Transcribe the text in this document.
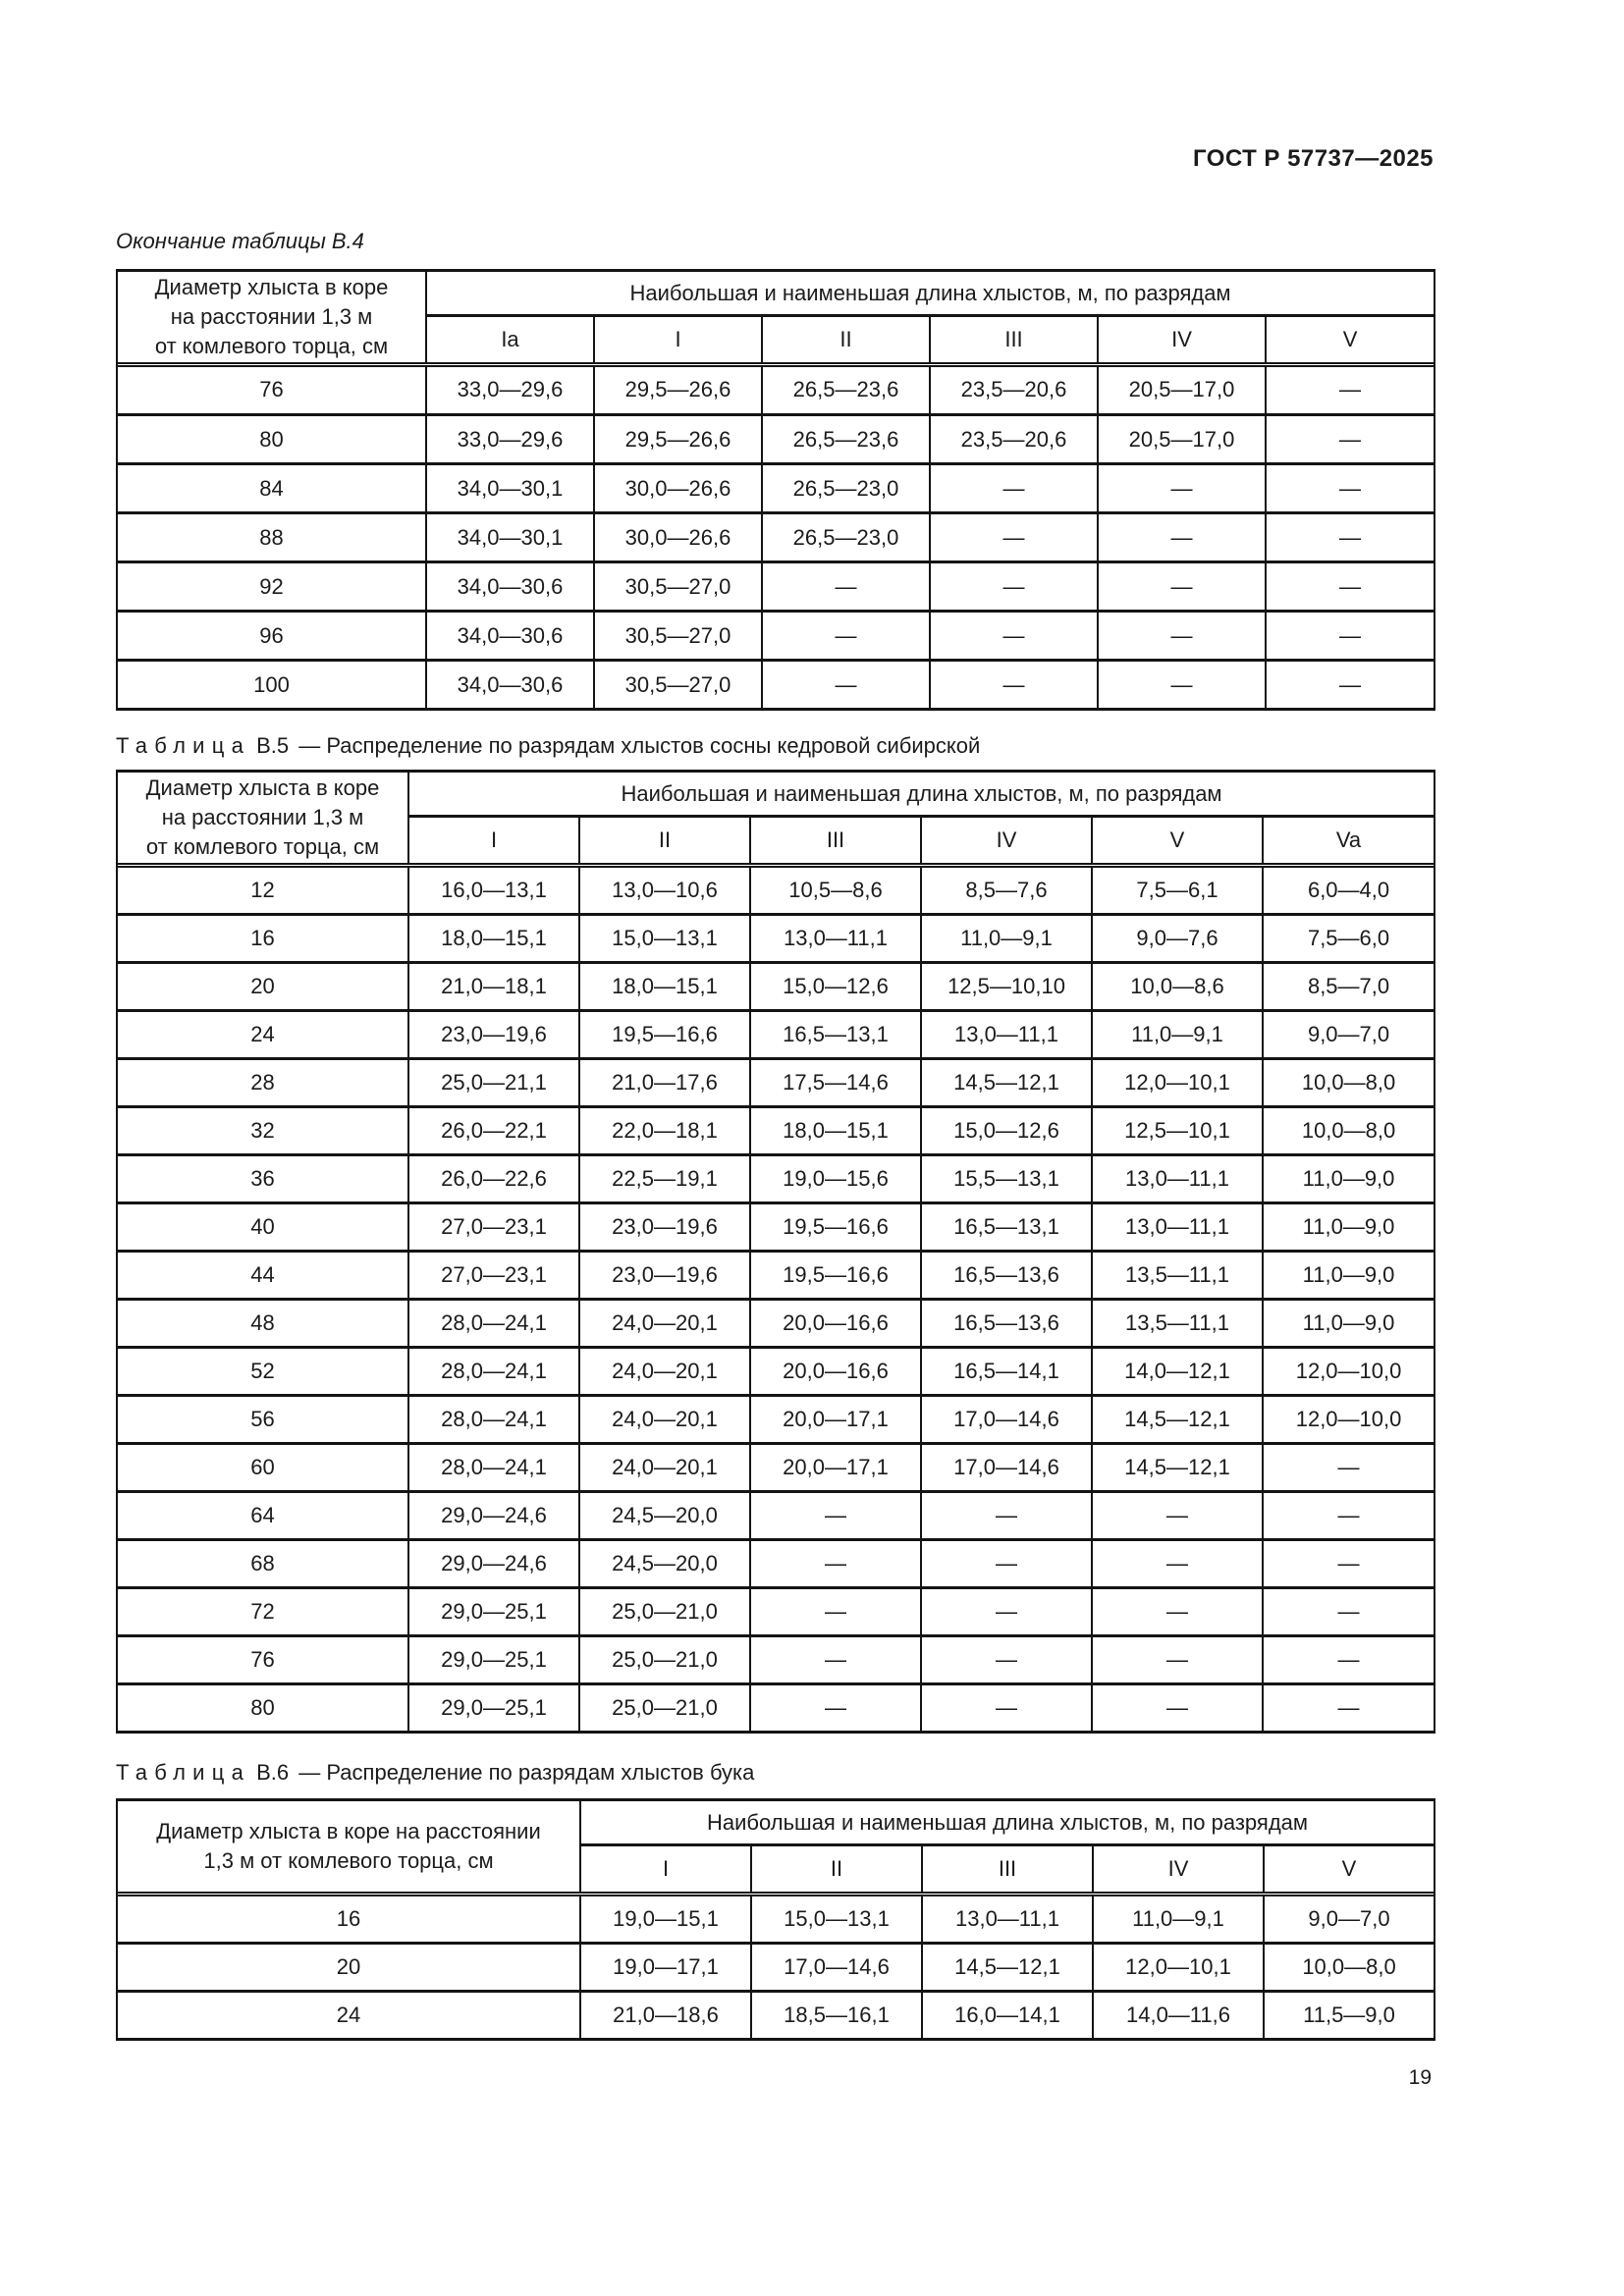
ГОСТ Р 57737—2025
Окончание таблицы В.4
Диаметр хлыста в коре
на расстоянии 1,3 м
от комлевого торца, см	Наибольшая и наименьшая длина хлыстов, м, по разрядам					
	Ia	I	II	III	IV	V

76	33,0—29,6	29,5—26,6	26,5—23,6	23,5—20,6	20,5—17,0	—
80	33,0—29,6	29,5—26,6	26,5—23,6	23,5—20,6	20,5—17,0	—
84	34,0—30,1	30,0—26,6	26,5—23,0	—	—	—
88	34,0—30,1	30,0—26,6	26,5—23,0	—	—	—
92	34,0—30,6	30,5—27,0	—	—	—	—
96	34,0—30,6	30,5—27,0	—	—	—	—
100	34,0—30,6	30,5—27,0	—	—	—	—
Таблица В.5 — Распределение по разрядам хлыстов сосны кедровой сибирской
Диаметр хлыста в коре
на расстоянии 1,3 м
от комлевого торца, см	Наибольшая и наименьшая длина хлыстов, м, по разрядам					
	I	II	III	IV	V	Va

12	16,0—13,1	13,0—10,6	10,5—8,6	8,5—7,6	7,5—6,1	6,0—4,0
16	18,0—15,1	15,0—13,1	13,0—11,1	11,0—9,1	9,0—7,6	7,5—6,0
20	21,0—18,1	18,0—15,1	15,0—12,6	12,5—10,10	10,0—8,6	8,5—7,0
24	23,0—19,6	19,5—16,6	16,5—13,1	13,0—11,1	11,0—9,1	9,0—7,0
28	25,0—21,1	21,0—17,6	17,5—14,6	14,5—12,1	12,0—10,1	10,0—8,0
32	26,0—22,1	22,0—18,1	18,0—15,1	15,0—12,6	12,5—10,1	10,0—8,0
36	26,0—22,6	22,5—19,1	19,0—15,6	15,5—13,1	13,0—11,1	11,0—9,0
40	27,0—23,1	23,0—19,6	19,5—16,6	16,5—13,1	13,0—11,1	11,0—9,0
44	27,0—23,1	23,0—19,6	19,5—16,6	16,5—13,6	13,5—11,1	11,0—9,0
48	28,0—24,1	24,0—20,1	20,0—16,6	16,5—13,6	13,5—11,1	11,0—9,0
52	28,0—24,1	24,0—20,1	20,0—16,6	16,5—14,1	14,0—12,1	12,0—10,0
56	28,0—24,1	24,0—20,1	20,0—17,1	17,0—14,6	14,5—12,1	12,0—10,0
60	28,0—24,1	24,0—20,1	20,0—17,1	17,0—14,6	14,5—12,1	—
64	29,0—24,6	24,5—20,0	—	—	—	—
68	29,0—24,6	24,5—20,0	—	—	—	—
72	29,0—25,1	25,0—21,0	—	—	—	—
76	29,0—25,1	25,0—21,0	—	—	—	—
80	29,0—25,1	25,0—21,0	—	—	—	—
Таблица В.6 — Распределение по разрядам хлыстов бука
Диаметр хлыста в коре на расстоянии
1,3 м от комлевого торца, см	Наибольшая и наименьшая длина хлыстов, м, по разрядам				
	I	II	III	IV	V

16	19,0—15,1	15,0—13,1	13,0—11,1	11,0—9,1	9,0—7,0
20	19,0—17,1	17,0—14,6	14,5—12,1	12,0—10,1	10,0—8,0
24	21,0—18,6	18,5—16,1	16,0—14,1	14,0—11,6	11,5—9,0
19
